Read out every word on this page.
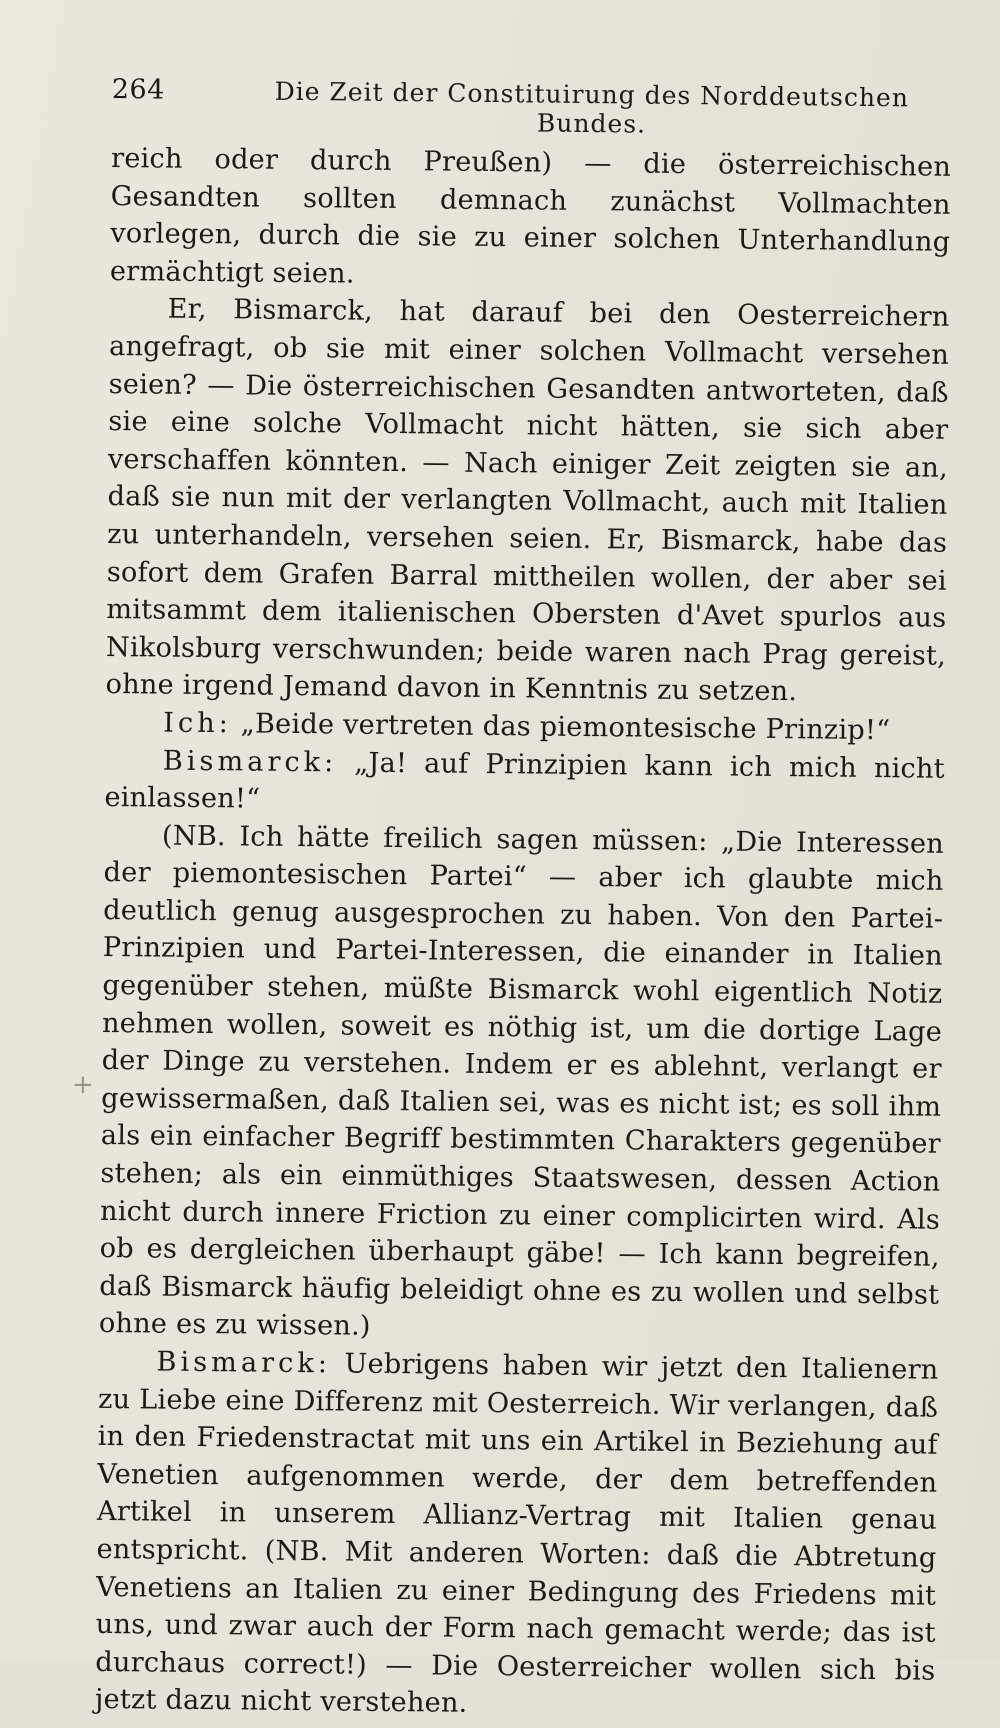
+
264	Die Zeit der Constituirung des Norddeutschen Bundes.

reich oder durch Preußen) — die österreichischen Gesandten sollten demnach zunächst Vollmachten vorlegen, durch die sie zu einer solchen Unterhandlung ermächtigt seien.

Er, Bismarck, hat darauf bei den Oesterreichern angefragt, ob sie mit einer solchen Vollmacht versehen seien? — Die österreichischen Gesandten antworteten, daß sie eine solche Vollmacht nicht hätten, sie sich aber verschaffen könnten. — Nach einiger Zeit zeigten sie an, daß sie nun mit der verlangten Vollmacht, auch mit Italien zu unterhandeln, versehen seien. Er, Bismarck, habe das sofort dem Grafen Barral mittheilen wollen, der aber sei mitsammt dem italienischen Obersten d'Avet spurlos aus Nikolsburg verschwunden; beide waren nach Prag gereist, ohne irgend Jemand davon in Kenntnis zu setzen.

Ich: „Beide vertreten das piemontesische Prinzip!“

Bismarck: „Ja! auf Prinzipien kann ich mich nicht einlassen!“

(NB. Ich hätte freilich sagen müssen: „Die Interessen der piemontesischen Partei“ — aber ich glaubte mich deutlich genug ausgesprochen zu haben. Von den Partei-Prinzipien und Partei-Interessen, die einander in Italien gegenüber stehen, müßte Bismarck wohl eigentlich Notiz nehmen wollen, soweit es nöthig ist, um die dortige Lage der Dinge zu verstehen. Indem er es ablehnt, verlangt er gewissermaßen, daß Italien sei, was es nicht ist; es soll ihm als ein einfacher Begriff bestimmten Charakters gegenüber stehen; als ein einmüthiges Staatswesen, dessen Action nicht durch innere Friction zu einer complicirten wird. Als ob es dergleichen überhaupt gäbe! — Ich kann begreifen, daß Bismarck häufig beleidigt ohne es zu wollen und selbst ohne es zu wissen.)

Bismarck: Uebrigens haben wir jetzt den Italienern zu Liebe eine Differenz mit Oesterreich. Wir verlangen, daß in den Friedenstractat mit uns ein Artikel in Beziehung auf Venetien aufgenommen werde, der dem betreffenden Artikel in unserem Allianz-Vertrag mit Italien genau entspricht. (NB. Mit anderen Worten: daß die Abtretung Venetiens an Italien zu einer Bedingung des Friedens mit uns, und zwar auch der Form nach gemacht werde; das ist durchaus correct!) — Die Oesterreicher wollen sich bis jetzt dazu nicht verstehen.
